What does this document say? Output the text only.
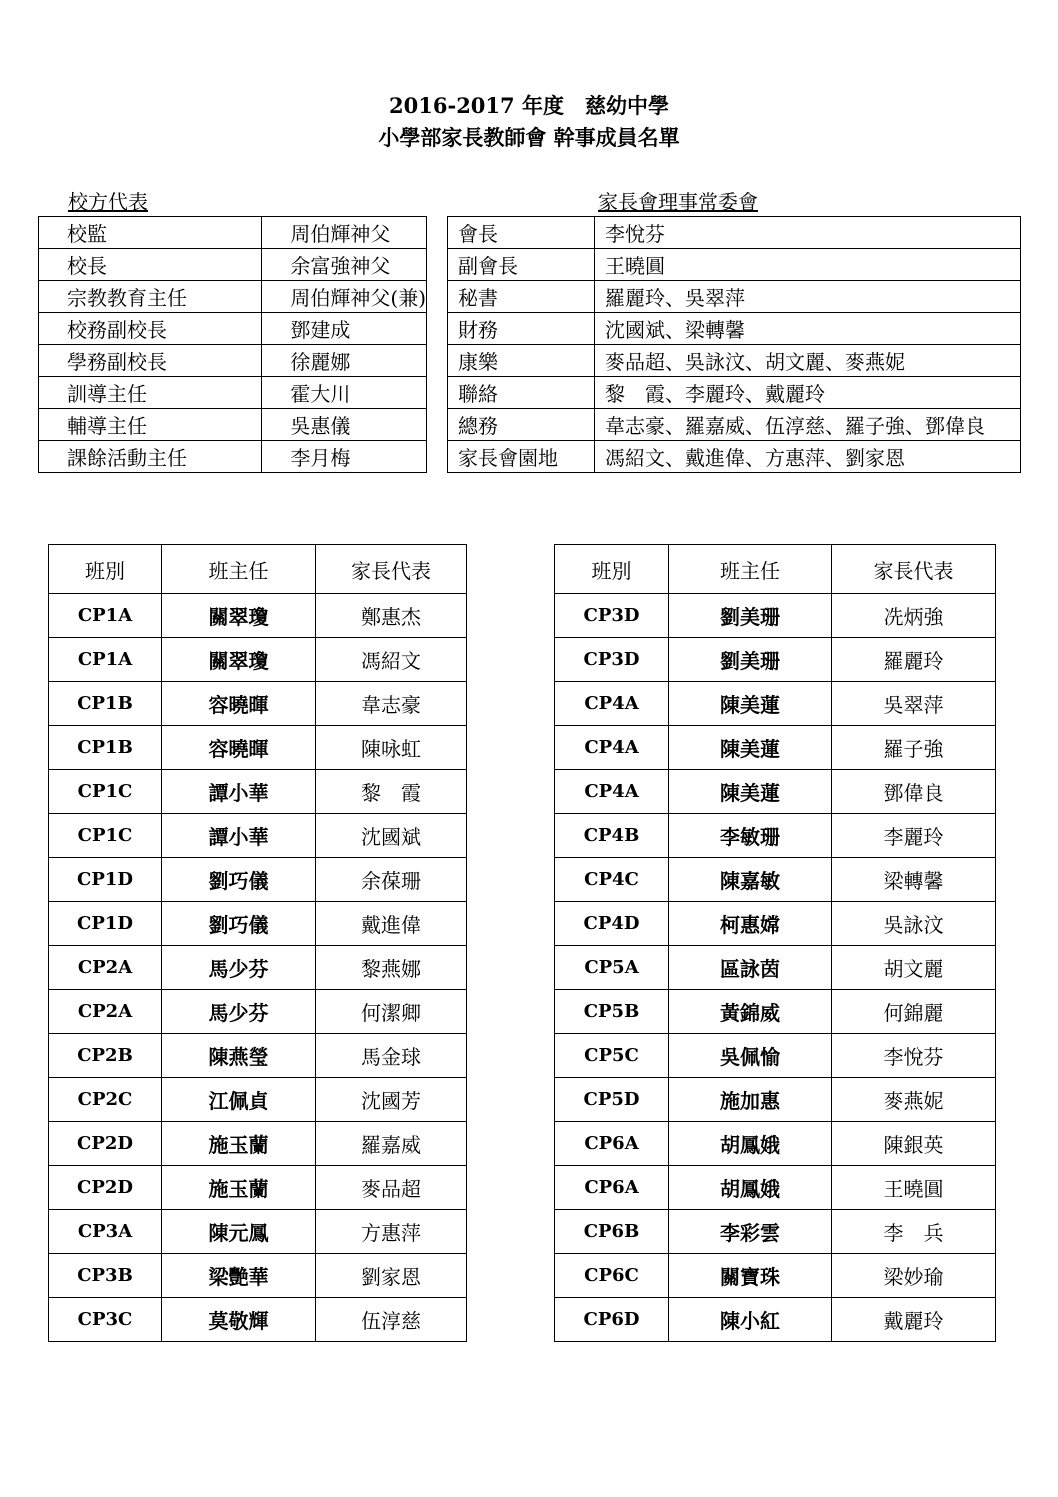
2016-2017 年度　慈幼中學
小學部家長教師會 幹事成員名單
校方代表	家長會理事常委會
校監	周伯輝神父
校長	余富強神父
宗教教育主任	周伯輝神父(兼)
校務副校長	鄧建成
學務副校長	徐麗娜
訓導主任	霍大川
輔導主任	吳惠儀
課餘活動主任	李月梅
會長	李悅芬
副會長	王曉圓
秘書	羅麗玲、吳翠萍
財務	沈國斌、梁轉馨
康樂	麥品超、吳詠汶、胡文麗、麥燕妮
聯絡	黎　霞、李麗玲、戴麗玲
總務	韋志豪、羅嘉威、伍淳慈、羅子強、鄧偉良
家長會園地	馮紹文、戴進偉、方惠萍、劉家恩
班別	班主任	家長代表
CP1A	關翠瓊	鄭惠杰
CP1A	關翠瓊	馮紹文
CP1B	容曉暉	韋志豪
CP1B	容曉暉	陳咏虹
CP1C	譚小華	黎　霞
CP1C	譚小華	沈國斌
CP1D	劉巧儀	余葆珊
CP1D	劉巧儀	戴進偉
CP2A	馬少芬	黎燕娜
CP2A	馬少芬	何潔卿
CP2B	陳燕瑩	馬金球
CP2C	江佩貞	沈國芳
CP2D	施玉蘭	羅嘉威
CP2D	施玉蘭	麥品超
CP3A	陳元鳳	方惠萍
CP3B	梁艷華	劉家恩
CP3C	莫敬輝	伍淳慈
班別	班主任	家長代表
CP3D	劉美珊	冼炳強
CP3D	劉美珊	羅麗玲
CP4A	陳美蓮	吳翠萍
CP4A	陳美蓮	羅子強
CP4A	陳美蓮	鄧偉良
CP4B	李敏珊	李麗玲
CP4C	陳嘉敏	梁轉馨
CP4D	柯惠嫦	吳詠汶
CP5A	區詠茵	胡文麗
CP5B	黃錦威	何錦麗
CP5C	吳佩愉	李悅芬
CP5D	施加惠	麥燕妮
CP6A	胡鳳娥	陳銀英
CP6A	胡鳳娥	王曉圓
CP6B	李彩雲	李　兵
CP6C	關寶珠	梁妙瑜
CP6D	陳小紅	戴麗玲
